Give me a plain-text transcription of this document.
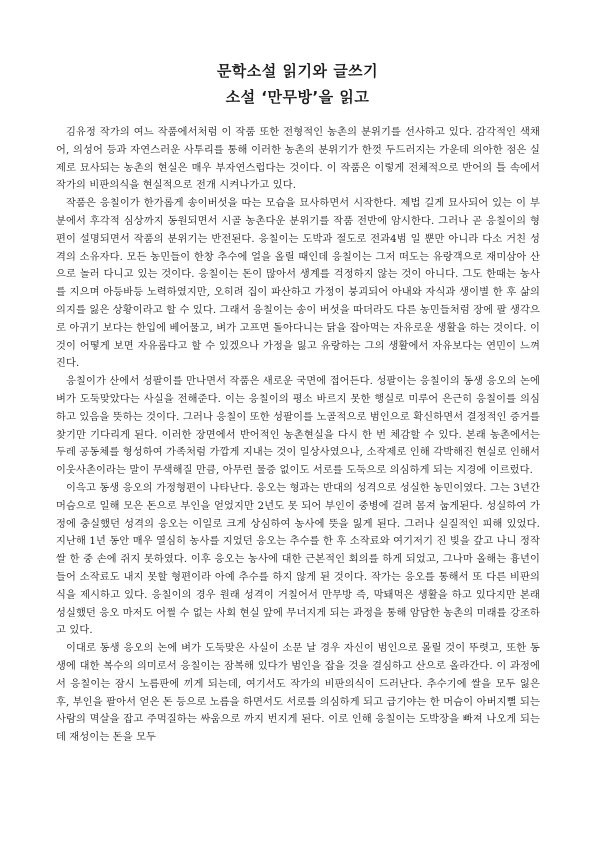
문학소설 읽기와 글쓰기
소설 ‘만무방’을 읽고

김유정 작가의 여느 작품에서처럼 이 작품 또한 전형적인 농촌의 분위기를 선사하고 있다. 감각적인 색채어, 의성어 등과 자연스러운 사투리를 통해 이러한 농촌의 분위기가 한껏 두드러지는 가운데 의아한 점은 실제로 묘사되는 농촌의 현실은 매우 부자연스럽다는 것이다. 이 작품은 이렇게 전체적으로 반어의 틀 속에서 작가의 비판의식을 현실적으로 전개 시켜나가고 있다.

작품은 응칠이가 한가롭게 송이버섯을 따는 모습을 묘사하면서 시작한다. 제법 길게 묘사되어 있는 이 부분에서 후각적 심상까지 동원되면서 시골 농촌다운 분위기를 작품 전반에 암시한다. 그러나 곧 응칠이의 형편이 설명되면서 작품의 분위기는 반전된다. 응칠이는 도박과 절도로 전과4범 일 뿐만 아니라 다소 거친 성격의 소유자다. 모든 농민들이 한창 추수에 얼을 올릴 때인데 응칠이는 그저 떠도는 유랑객으로 재미삼아 산으로 놀러 다니고 있는 것이다. 응칠이는 돈이 많아서 생계를 걱정하지 않는 것이 아니다. 그도 한때는 농사를 지으며 아등바등 노력하였지만, 오히려 집이 파산하고 가정이 붕괴되어 아내와 자식과 생이별 한 후 삶의 의지를 잃은 상황이라고 할 수 있다. 그래서 응칠이는 송이 버섯을 따더라도 다른 농민들처럼 장에 팔 생각으로 아귀기 보다는 한입에 베어물고, 벼가 고프면 돌아다니는 닭을 잡아먹는 자유로운 생활을 하는 것이다. 이것이 어떻게 보면 자유롭다고 할 수 있겠으나 가정을 잃고 유랑하는 그의 생활에서 자유보다는 연민이 느껴진다.

응칠이가 산에서 성팔이를 만나면서 작품은 새로운 국면에 접어든다. 성팔이는 응칠이의 동생 응오의 논에 벼가 도둑맞았다는 사실을 전해준다. 이는 응칠이의 평소 바르지 못한 행실로 미루어 은근히 응칠이를 의심하고 있음을 뜻하는 것이다. 그러나 응칠이 또한 성팔이를 노골적으로 범인으로 확신하면서 결정적인 증거를 찾기만 기다리게 된다. 이러한 장면에서 반어적인 농촌현실을 다시 한 번 체감할 수 있다. 본래 농촌에서는 두레 공동체를 형성하여 가족처럼 가깝게 지내는 것이 일상사였으나, 소작제로 인해 각박해진 현실로 인해서 이웃사촌이라는 말이 무색해질 만큼, 아무런 물증 없이도 서로를 도둑으로 의심하게 되는 지경에 이르렀다.

이윽고 동생 응오의 가정형편이 나타난다. 응오는 형과는 반대의 성격으로 성실한 농민이였다. 그는 3년간 머슴으로 일해 모은 돈으로 부인을 얻었지만 2년도 못 되어 부인이 중병에 걸려 몸져 눕게된다. 성실하여 가정에 충실했던 성격의 응오는 이일로 크게 상심하여 농사에 뜻을 잃게 된다. 그러나 실질적인 피해 있었다. 지난해 1년 동안 매우 열심히 농사를 지었던 응오는 추수를 한 후 소작료와 여기저기 진 빚을 갚고 나니 정작 쌀 한 중 손에 쥐지 못하였다. 이후 응오는 농사에 대한 근본적인 회의를 하게 되었고, 그나마 올해는 흉년이 들어 소작료도 내지 못할 형편이라 아예 추수를 하지 않게 된 것이다. 작가는 응오를 통해서 또 다른 비판의식을 제시하고 있다. 응칠이의 경우 원래 성격이 거칠어서 만무방 즉, 막돼먹은 생활을 하고 있다지만 본래 성실했던 응오 마저도 어쩔 수 없는 사회 현실 앞에 무너지게 되는 과정을 통해 암담한 농촌의 미래를 강조하고 있다.

이대로 동생 응오의 논에 벼가 도둑맞은 사실이 소문 날 경우 자신이 범인으로 몰릴 것이 뚜렷고, 또한 동생에 대한 복수의 의미로서 응칠이는 잠복해 있다가 범인을 잡을 것을 결심하고 산으로 올라간다. 이 과정에서 응칠이는 잠시 노름판에 끼게 되는데, 여기서도 작가의 비판의식이 드러난다. 추수기에 쌀을 모두 잃은 후, 부인을 팔아서 얻은 돈 등으로 노름을 하면서도 서로를 의심하게 되고 급기야는 한 머슴이 아버지뻘 되는 사람의 멱살을 잡고 주먹질하는 싸움으로 까지 번지게 된다. 이로 인해 응칠이는 도박장을 빠져 나오게 되는데 재성이는 돈을 모두
